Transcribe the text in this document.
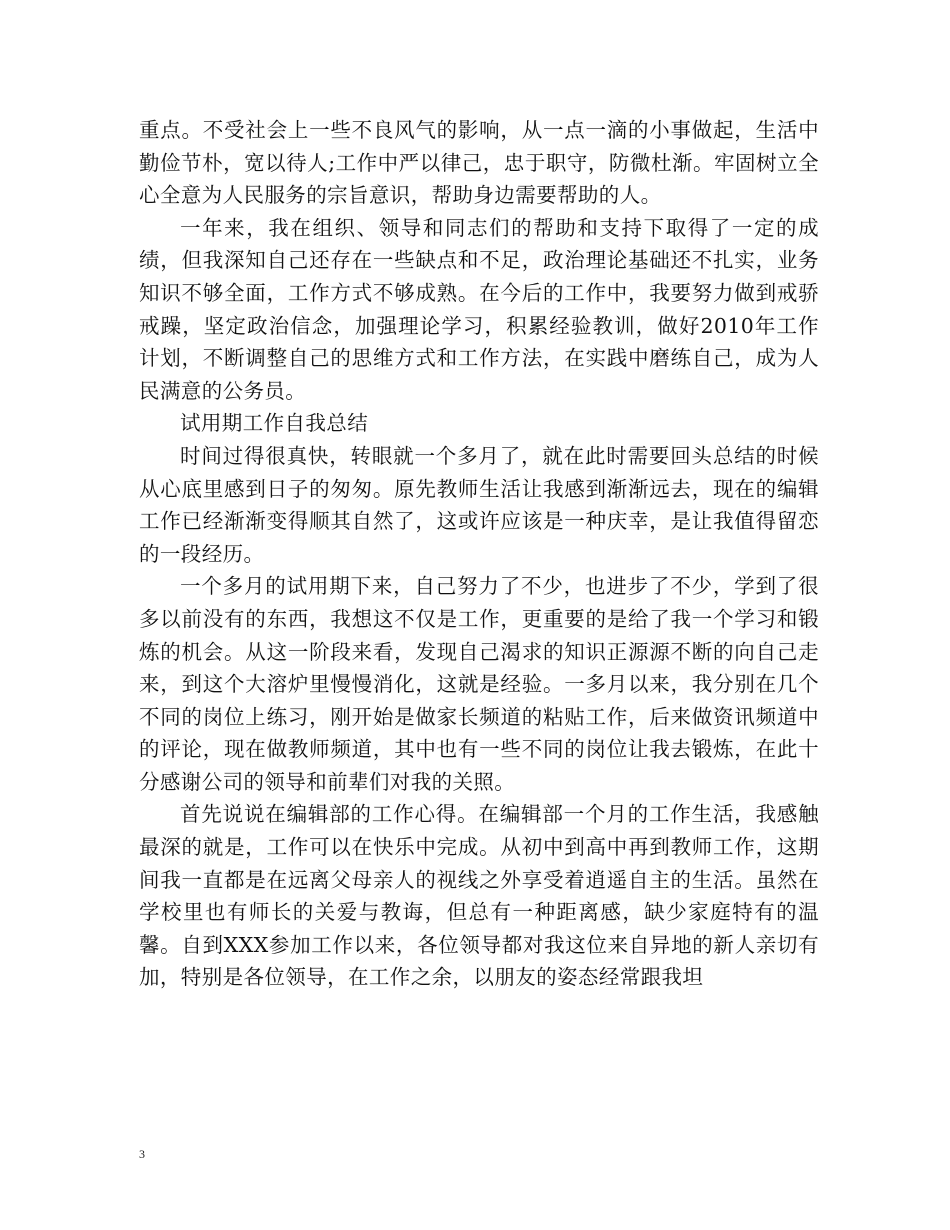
重点。不受社会上一些不良风气的影响，从一点一滴的小事做起，生活中勤俭节朴，宽以待人;工作中严以律己，忠于职守，防微杜渐。牢固树立全心全意为人民服务的宗旨意识，帮助身边需要帮助的人。

一年来，我在组织、领导和同志们的帮助和支持下取得了一定的成绩，但我深知自己还存在一些缺点和不足，政治理论基础还不扎实，业务知识不够全面，工作方式不够成熟。在今后的工作中，我要努力做到戒骄戒躁，坚定政治信念，加强理论学习，积累经验教训，做好2010年工作计划，不断调整自己的思维方式和工作方法，在实践中磨练自己，成为人民满意的公务员。

试用期工作自我总结

时间过得很真快，转眼就一个多月了，就在此时需要回头总结的时候从心底里感到日子的匆匆。原先教师生活让我感到渐渐远去，现在的编辑工作已经渐渐变得顺其自然了，这或许应该是一种庆幸，是让我值得留恋的一段经历。

一个多月的试用期下来，自己努力了不少，也进步了不少，学到了很多以前没有的东西，我想这不仅是工作，更重要的是给了我一个学习和锻炼的机会。从这一阶段来看，发现自己渴求的知识正源源不断的向自己走来，到这个大溶炉里慢慢消化，这就是经验。一多月以来，我分别在几个不同的岗位上练习，刚开始是做家长频道的粘贴工作，后来做资讯频道中的评论，现在做教师频道，其中也有一些不同的岗位让我去锻炼，在此十分感谢公司的领导和前辈们对我的关照。

首先说说在编辑部的工作心得。在编辑部一个月的工作生活，我感触最深的就是，工作可以在快乐中完成。从初中到高中再到教师工作，这期间我一直都是在远离父母亲人的视线之外享受着逍遥自主的生活。虽然在学校里也有师长的关爱与教诲，但总有一种距离感，缺少家庭特有的温馨。自到XXX参加工作以来，各位领导都对我这位来自异地的新人亲切有加，特别是各位领导，在工作之余，以朋友的姿态经常跟我坦

3
